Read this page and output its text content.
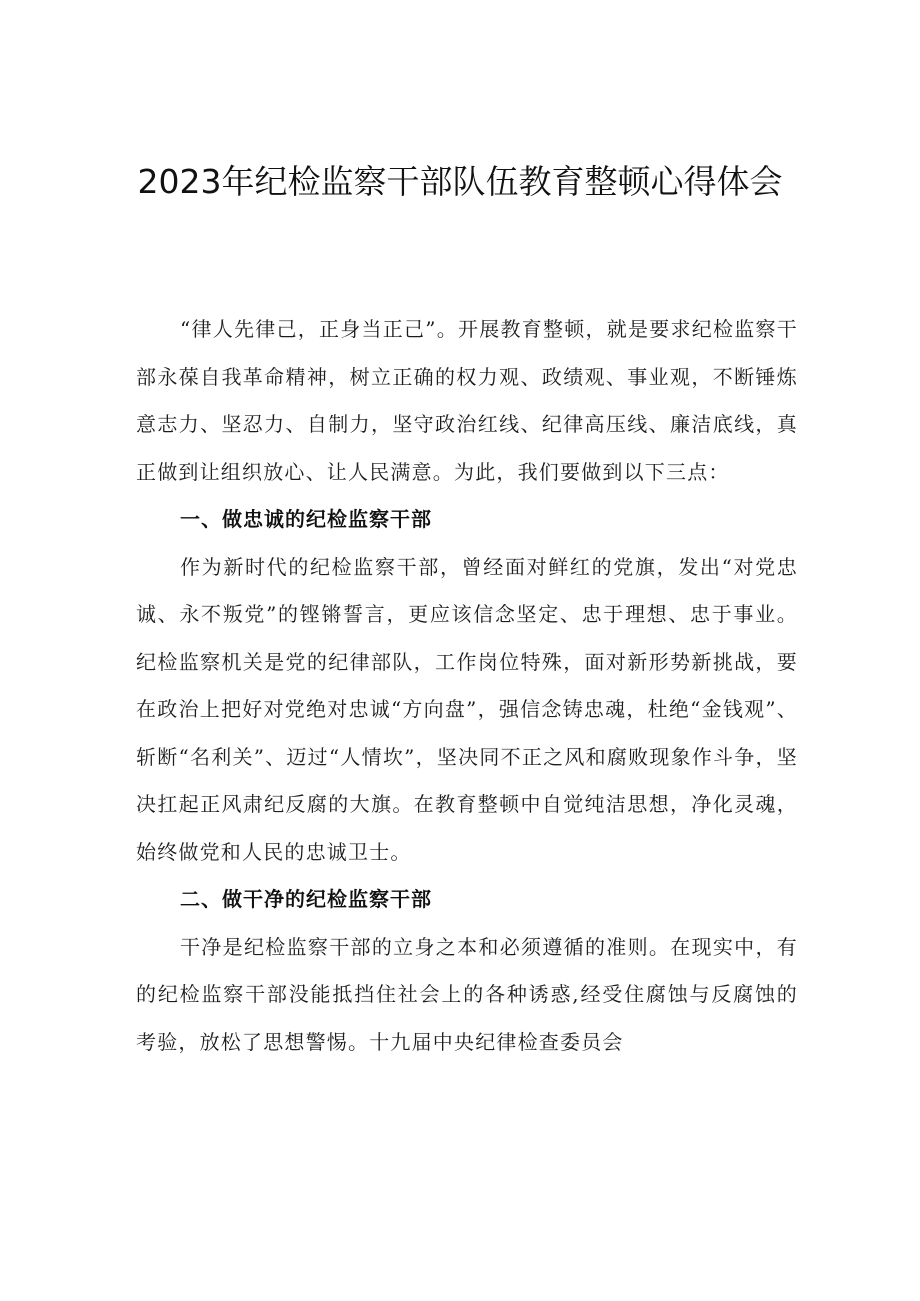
2023年纪检监察干部队伍教育整顿心得体会

“律人先律己，正身当正己”。开展教育整顿，就是要求纪检监察干部永葆自我革命精神，树立正确的权力观、政绩观、事业观，不断锤炼意志力、坚忍力、自制力，坚守政治红线、纪律高压线、廉洁底线，真正做到让组织放心、让人民满意。为此，我们要做到以下三点：

一、做忠诚的纪检监察干部

作为新时代的纪检监察干部，曾经面对鲜红的党旗，发出“对党忠诚、永不叛党”的铿锵誓言，更应该信念坚定、忠于理想、忠于事业。纪检监察机关是党的纪律部队，工作岗位特殊，面对新形势新挑战，要在政治上把好对党绝对忠诚“方向盘”，强信念铸忠魂，杜绝“金钱观”、斩断“名利关”、迈过“人情坎”，坚决同不正之风和腐败现象作斗争，坚决扛起正风肃纪反腐的大旗。在教育整顿中自觉纯洁思想，净化灵魂，始终做党和人民的忠诚卫士。

二、做干净的纪检监察干部

干净是纪检监察干部的立身之本和必须遵循的准则。在现实中，有的纪检监察干部没能抵挡住社会上的各种诱惑,经受住腐蚀与反腐蚀的考验，放松了思想警惕。十九届中央纪律检查委员会
